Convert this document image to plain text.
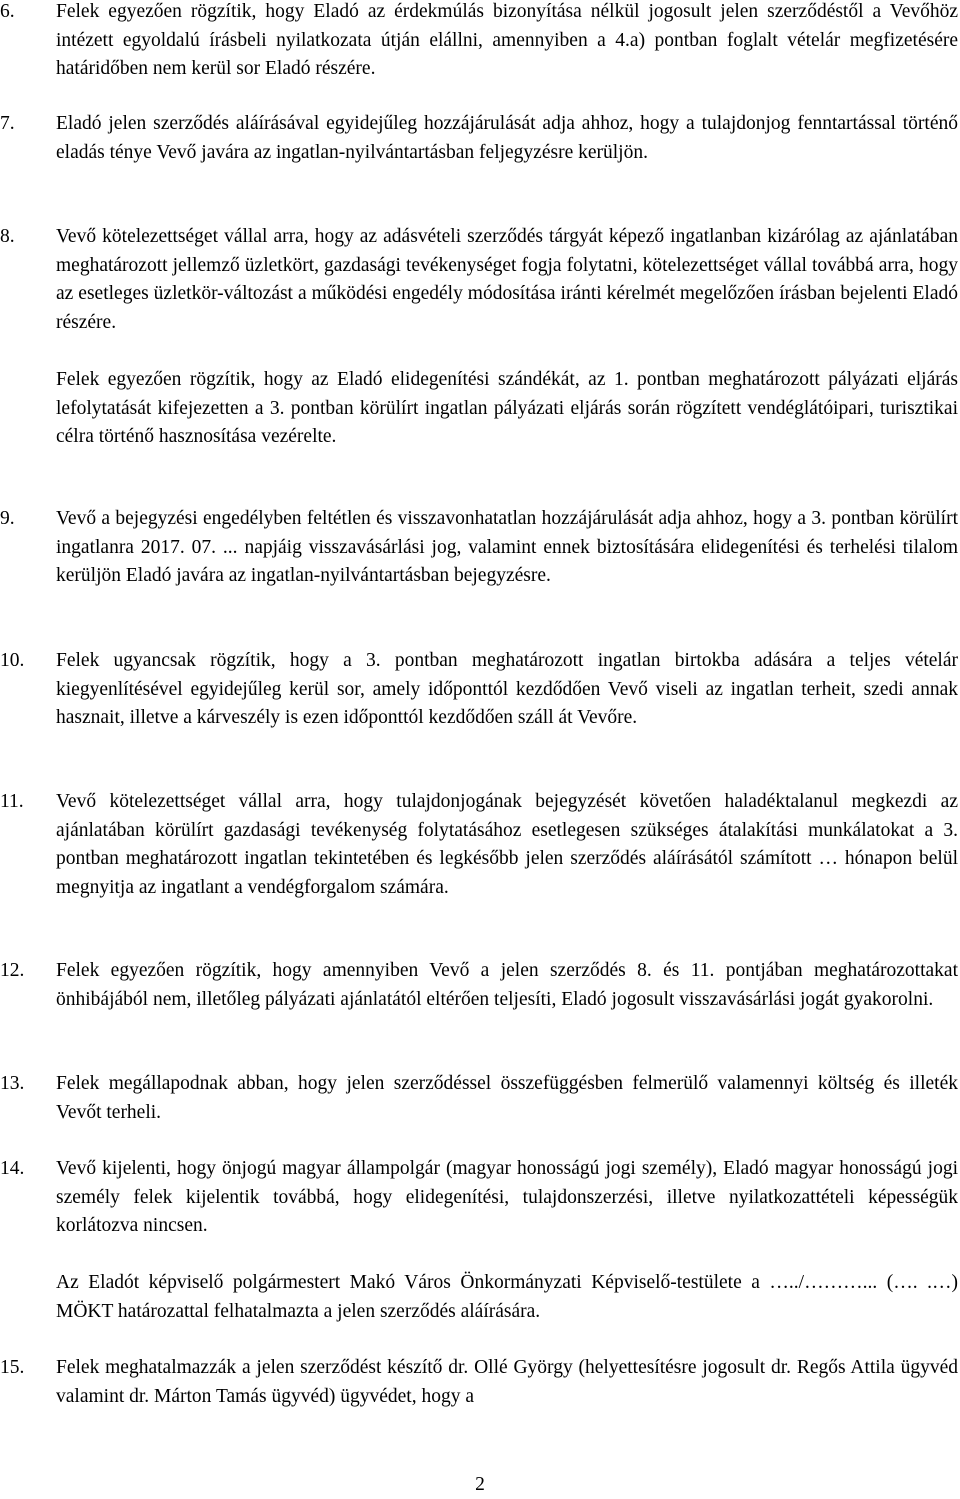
6. Felek egyezően rögzítik, hogy Eladó az érdekmúlás bizonyítása nélkül jogosult jelen szerződéstől a Vevőhöz intézett egyoldalú írásbeli nyilatkozata útján elállni, amennyiben a 4.a) pontban foglalt vételár megfizetésére határidőben nem kerül sor Eladó részére.

7. Eladó jelen szerződés aláírásával egyidejűleg hozzájárulását adja ahhoz, hogy a tulajdonjog fenntartással történő eladás ténye Vevő javára az ingatlan-nyilvántartásban feljegyzésre kerüljön.

8. Vevő kötelezettséget vállal arra, hogy az adásvételi szerződés tárgyát képező ingatlanban kizárólag az ajánlatában meghatározott jellemző üzletkört, gazdasági tevékenységet fogja folytatni, kötelezettséget vállal továbbá arra, hogy az esetleges üzletkör-változást a működési engedély módosítása iránti kérelmét megelőzően írásban bejelenti Eladó részére.

Felek egyezően rögzítik, hogy az Eladó elidegenítési szándékát, az 1. pontban meghatározott pályázati eljárás lefolytatását kifejezetten a 3. pontban körülírt ingatlan pályázati eljárás során rögzített vendéglátóipari, turisztikai célra történő hasznosítása vezérelte.

9. Vevő a bejegyzési engedélyben feltétlen és visszavonhatatlan hozzájárulását adja ahhoz, hogy a 3. pontban körülírt ingatlanra 2017. 07. ... napjáig visszavásárlási jog, valamint ennek biztosítására elidegenítési és terhelési tilalom kerüljön Eladó javára az ingatlan-nyilvántartásban bejegyzésre.

10. Felek ugyancsak rögzítik, hogy a 3. pontban meghatározott ingatlan birtokba adására a teljes vételár kiegyenlítésével egyidejűleg kerül sor, amely időponttól kezdődően Vevő viseli az ingatlan terheit, szedi annak hasznait, illetve a kárveszély is ezen időponttól kezdődően száll át Vevőre.

11. Vevő kötelezettséget vállal arra, hogy tulajdonjogának bejegyzését követően haladéktalanul megkezdi az ajánlatában körülírt gazdasági tevékenység folytatásához esetlegesen szükséges átalakítási munkálatokat a 3. pontban meghatározott ingatlan tekintetében és legkésőbb jelen szerződés aláírásától számított … hónapon belül megnyitja az ingatlant a vendégforgalom számára.

12. Felek egyezően rögzítik, hogy amennyiben Vevő a jelen szerződés 8. és 11. pontjában meghatározottakat önhibájából nem, illetőleg pályázati ajánlatától eltérően teljesíti, Eladó jogosult visszavásárlási jogát gyakorolni.

13. Felek megállapodnak abban, hogy jelen szerződéssel összefüggésben felmerülő valamennyi költség és illeték Vevőt terheli.

14. Vevő kijelenti, hogy önjogú magyar állampolgár (magyar honosságú jogi személy), Eladó magyar honosságú jogi személy felek kijelentik továbbá, hogy elidegenítési, tulajdonszerzési, illetve nyilatkozattételi képességük korlátozva nincsen.

Az Eladót képviselő polgármestert Makó Város Önkormányzati Képviselő-testülete a …../………... (…. .…) MÖKT határozattal felhatalmazta a jelen szerződés aláírására.

15. Felek meghatalmazzák a jelen szerződést készítő dr. Ollé György (helyettesítésre jogosult dr. Regős Attila ügyvéd valamint dr. Márton Tamás ügyvéd) ügyvédet, hogy a

2
